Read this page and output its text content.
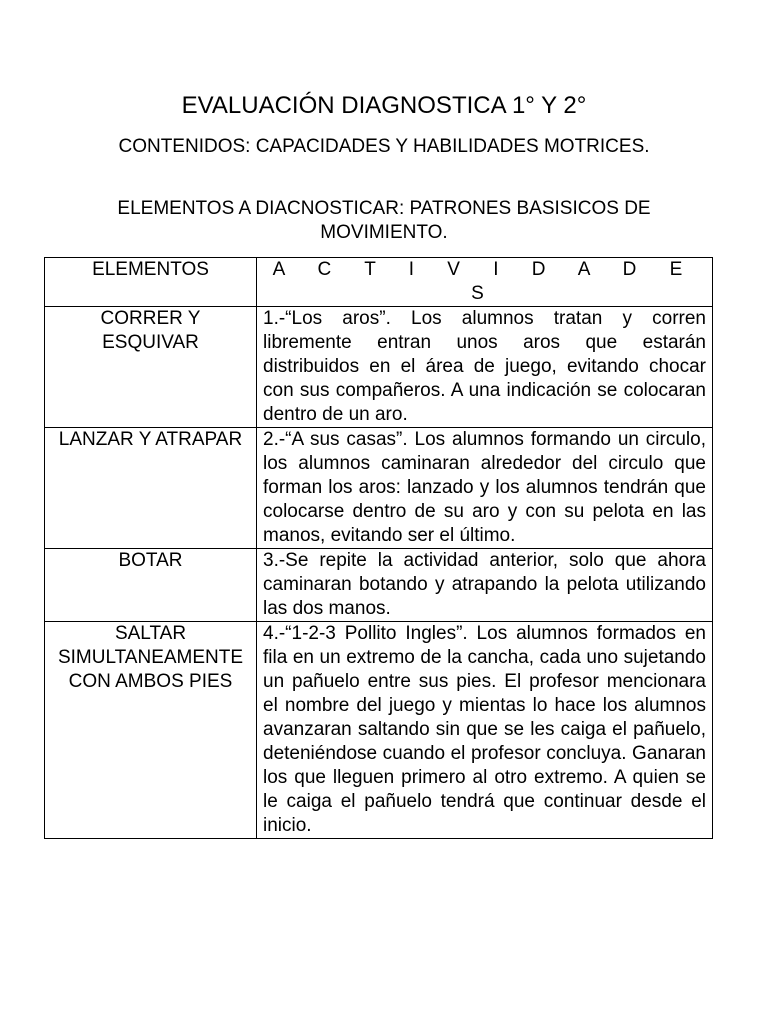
EVALUACIÓN DIAGNOSTICA 1° Y 2°
CONTENIDOS: CAPACIDADES Y HABILIDADES MOTRICES.
ELEMENTOS A DIACNOSTICAR: PATRONES BASISICOS DE MOVIMIENTO.
ELEMENTOS	A C T I V I D A D E S
CORRER Y ESQUIVAR	1.-“Los aros”. Los alumnos tratan y corren libremente entran unos aros que estarán distribuidos en el área de juego, evitando chocar con sus compañeros. A una indicación se colocaran dentro de un aro.
LANZAR Y ATRAPAR	2.-“A sus casas”. Los alumnos formando un circulo, los alumnos caminaran alrededor del circulo que forman los aros: lanzado y los alumnos tendrán que colocarse dentro de su aro y con su pelota en las manos, evitando ser el último.
BOTAR	3.-Se repite la actividad anterior, solo que ahora caminaran botando y atrapando la pelota utilizando las dos manos.
SALTAR SIMULTANEAMENTE CON AMBOS PIES	4.-“1-2-3 Pollito Ingles”. Los alumnos formados en fila en un extremo de la cancha, cada uno sujetando un pañuelo entre sus pies. El profesor mencionara el nombre del juego y mientas lo hace los alumnos avanzaran saltando sin que se les caiga el pañuelo, deteniéndose cuando el profesor concluya. Ganaran los que lleguen primero al otro extremo. A quien se le caiga el pañuelo tendrá que continuar desde el inicio.
